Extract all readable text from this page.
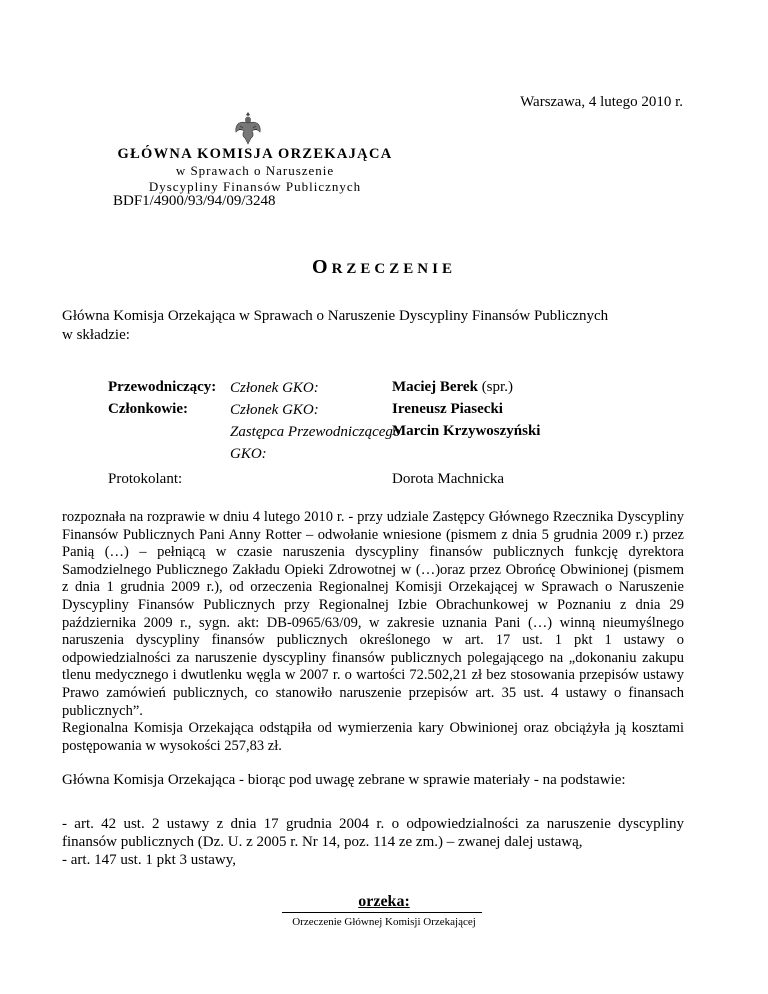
Warszawa, 4 lutego 2010 r.
GŁÓWNA KOMISJA ORZEKAJĄCA
w Sprawach o Naruszenie
Dyscypliny Finansów Publicznych
BDF1/4900/93/94/09/3248
ORZECZENIE

Główna Komisja Orzekająca w Sprawach o Naruszenie Dyscypliny Finansów Publicznych

w składzie:

Przewodniczący:
Członkowie:
Członek GKO:
Członek GKO:
Zastępca Przewodniczącego
GKO:
Maciej Berek (spr.)
Ireneusz Piasecki
Marcin Krzywoszyński
Protokolant:	Dorota Machnicka

rozpoznała na rozprawie w dniu 4 lutego 2010 r. - przy udziale Zastępcy Głównego Rzecznika Dyscypliny Finansów Publicznych Pani Anny Rotter – odwołanie wniesione (pismem z dnia 5 grudnia 2009 r.) przez Panią (…) – pełniącą w czasie naruszenia dyscypliny finansów publicznych funkcję dyrektora Samodzielnego Publicznego Zakładu Opieki Zdrowotnej w (…)oraz przez Obrońcę Obwinionej (pismem z dnia 1 grudnia 2009 r.), od orzeczenia Regionalnej Komisji Orzekającej w Sprawach o Naruszenie Dyscypliny Finansów Publicznych przy Regionalnej Izbie Obrachunkowej w Poznaniu z dnia 29 października 2009 r., sygn. akt: DB-0965/63/09, w zakresie uznania Pani (…) winną nieumyślnego naruszenia dyscypliny finansów publicznych określonego w art. 17 ust. 1 pkt 1 ustawy o odpowiedzialności za naruszenie dyscypliny finansów publicznych polegającego na „dokonaniu zakupu tlenu medycznego i dwutlenku węgla w 2007 r. o wartości 72.502,21 zł bez stosowania przepisów ustawy Prawo zamówień publicznych, co stanowiło naruszenie przepisów art. 35 ust. 4 ustawy o finansach publicznych”.

Regionalna Komisja Orzekająca odstąpiła od wymierzenia kary Obwinionej oraz obciążyła ją kosztami postępowania w wysokości 257,83 zł.

Główna Komisja Orzekająca - biorąc pod uwagę zebrane w sprawie materiały - na podstawie:

- art. 42 ust. 2 ustawy z dnia 17 grudnia 2004 r. o odpowiedzialności za naruszenie dyscypliny finansów publicznych (Dz. U. z 2005 r. Nr 14, poz. 114 ze zm.) – zwanej dalej ustawą,

- art. 147 ust. 1 pkt 3 ustawy,

orzeka:
Orzeczenie Głównej Komisji Orzekającej
